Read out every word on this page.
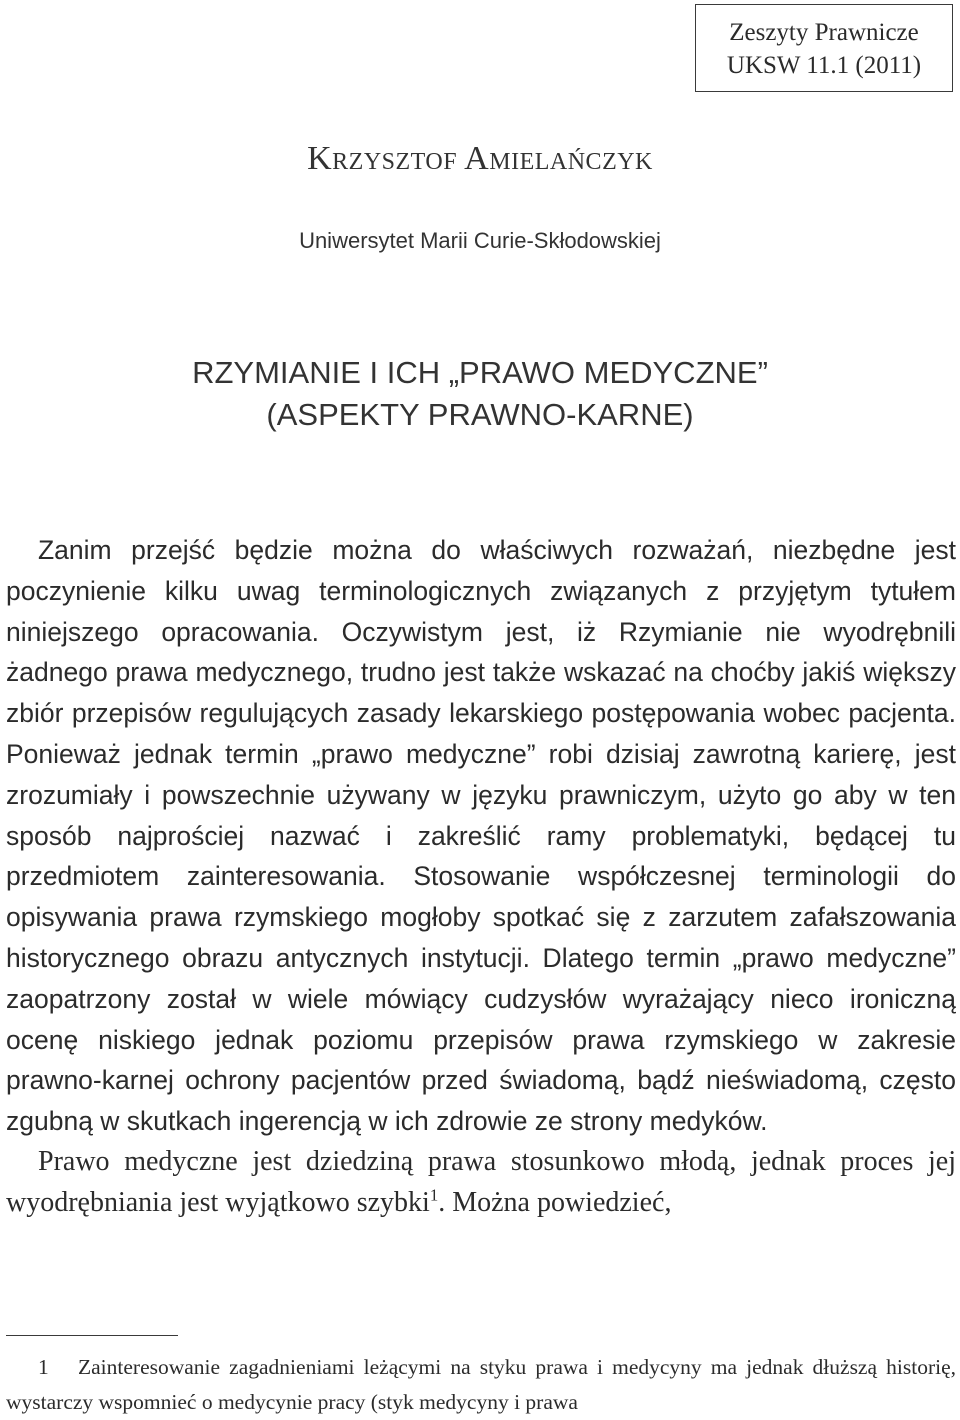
Zeszyty Prawnicze
UKSW 11.1 (2011)
Krzysztof Amielańczyk
Uniwersytet Marii Curie-Skłodowskiej
RZYMIANIE I ICH „PRAWO MEDYCZNE”
(ASPEKTY PRAWNO-KARNE)

Zanim przejść będzie można do właściwych rozważań, niezbędne jest poczynienie kilku uwag terminologicznych związanych z przyjętym tytułem niniejszego opracowania. Oczywistym jest, iż Rzymianie nie wyodrębnili żadnego prawa medycznego, trudno jest także wskazać na choćby jakiś większy zbiór przepisów regulujących zasady lekarskiego postępowania wobec pacjenta. Ponieważ jednak termin „prawo medyczne” robi dzisiaj zawrotną karierę, jest zrozumiały i powszechnie używany w języku prawniczym, użyto go aby w ten sposób najprościej nazwać i zakreślić ramy problematyki, będącej tu przedmiotem zainteresowania. Stosowanie współczesnej terminologii do opisywania prawa rzymskiego mogłoby spotkać się z zarzutem zafałszowania historycznego obrazu antycznych instytucji. Dlatego termin „prawo medyczne” zaopatrzony został w wiele mówiący cudzysłów wyrażający nieco ironiczną ocenę niskiego jednak poziomu przepisów prawa rzymskiego w zakresie prawno-karnej ochrony pacjentów przed świadomą, bądź nieświadomą, często zgubną w skutkach ingerencją w ich zdrowie ze strony medyków.

Prawo medyczne jest dziedziną prawa stosunkowo młodą, jednak proces jej wyodrębniania jest wyjątkowo szybki$^1$. Można powiedzieć,

1 Zainteresowanie zagadnieniami leżącymi na styku prawa i medycyny ma jednak dłuższą historię, wystarczy wspomnieć o medycynie pracy (styk medycyny i prawa
